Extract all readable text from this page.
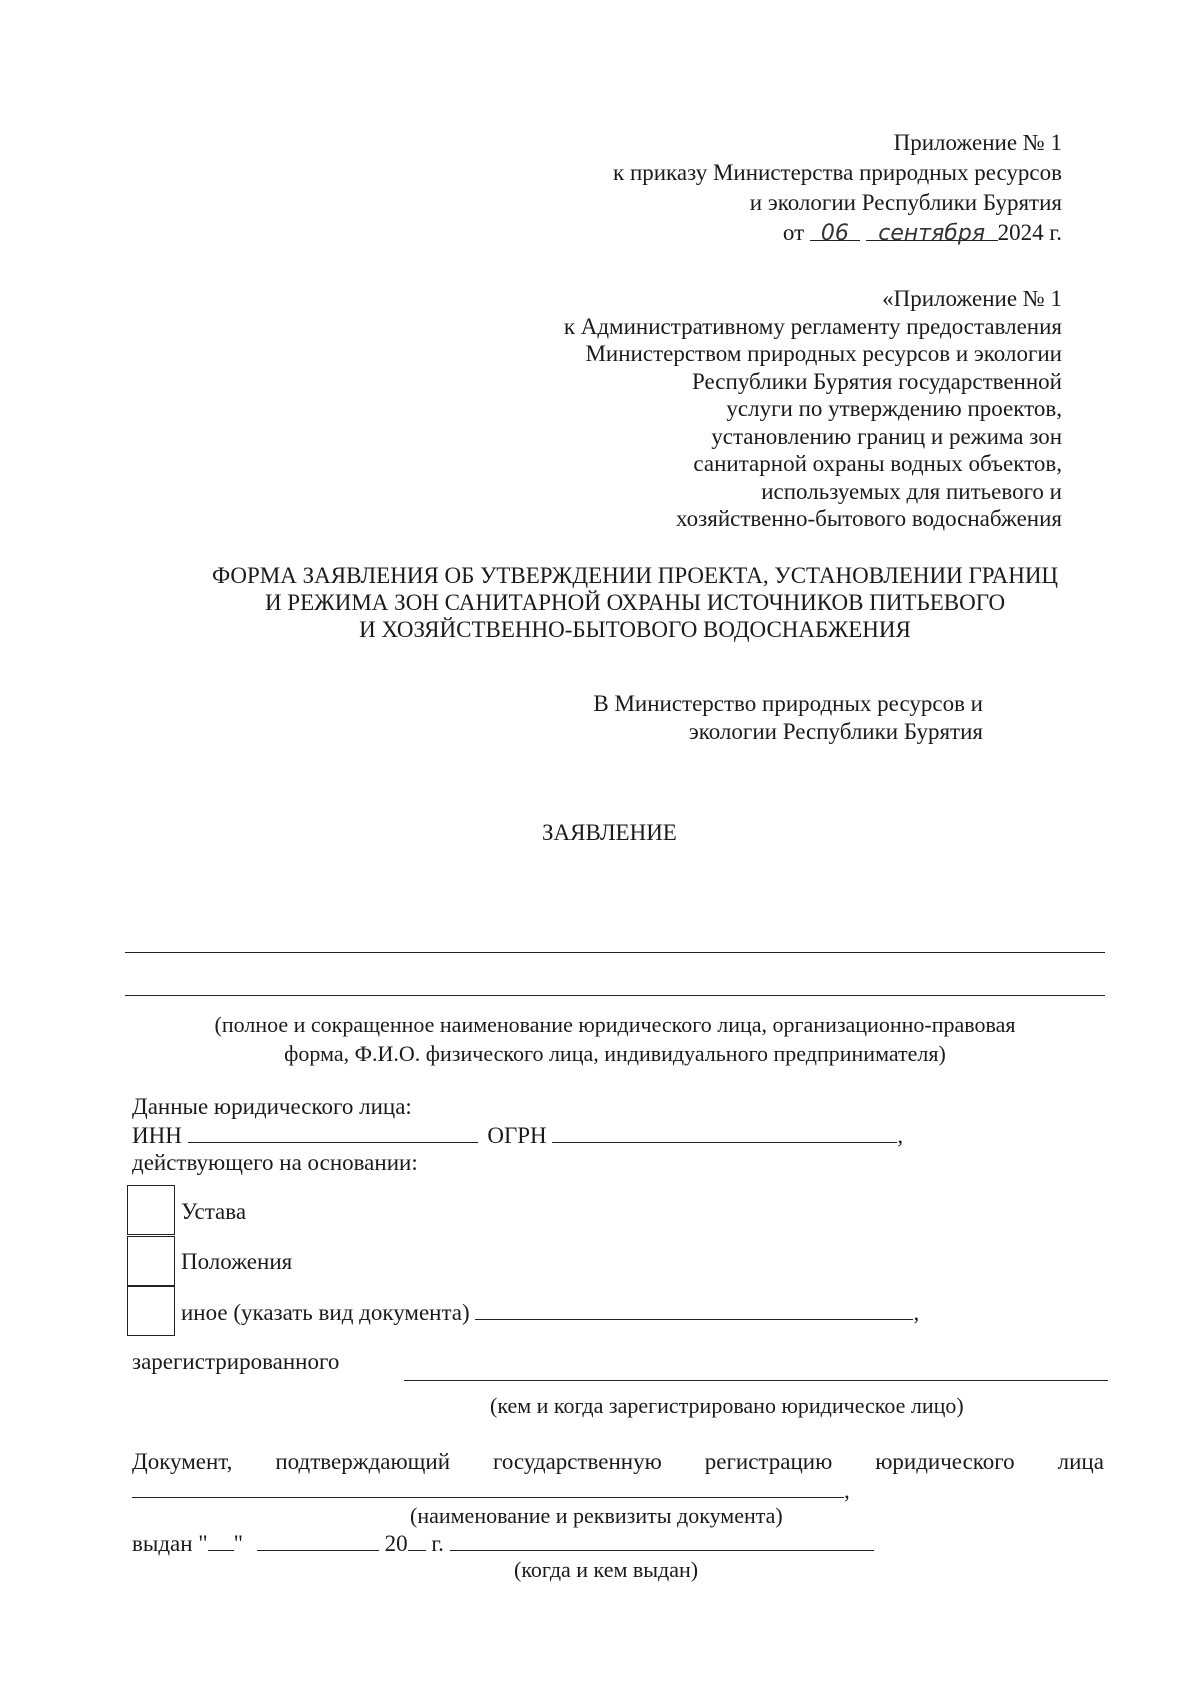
Приложение № 1
к приказу Министерства природных ресурсов
и экологии Республики Бурятия
от 06 сентября 2024 г.
«Приложение № 1
к Административному регламенту предоставления
Министерством природных ресурсов и экологии
Республики Бурятия государственной
услуги по утверждению проектов,
установлению границ и режима зон
санитарной охраны водных объектов,
используемых для питьевого и
хозяйственно-бытового водоснабжения
ФОРМА ЗАЯВЛЕНИЯ ОБ УТВЕРЖДЕНИИ ПРОЕКТА, УСТАНОВЛЕНИИ ГРАНИЦ
И РЕЖИМА ЗОН САНИТАРНОЙ ОХРАНЫ ИСТОЧНИКОВ ПИТЬЕВОГО
И ХОЗЯЙСТВЕННО-БЫТОВОГО ВОДОСНАБЖЕНИЯ
В Министерство природных ресурсов и
экологии Республики Бурятия
ЗАЯВЛЕНИЕ
(полное и сокращенное наименование юридического лица, организационно-правовая
форма, Ф.И.О. физического лица, индивидуального предпринимателя)
Данные юридического лица:
ИНН	ОГРН	,
действующего на основании:
Устава
Положения
иное (указать вид документа)	,
зарегистрированного
(кем и когда зарегистрировано юридическое лицо)
Документ, подтверждающий государственную регистрацию юридического лица
,
(наименование и реквизиты документа)
выдан " "	20 г.
(когда и кем выдан)
